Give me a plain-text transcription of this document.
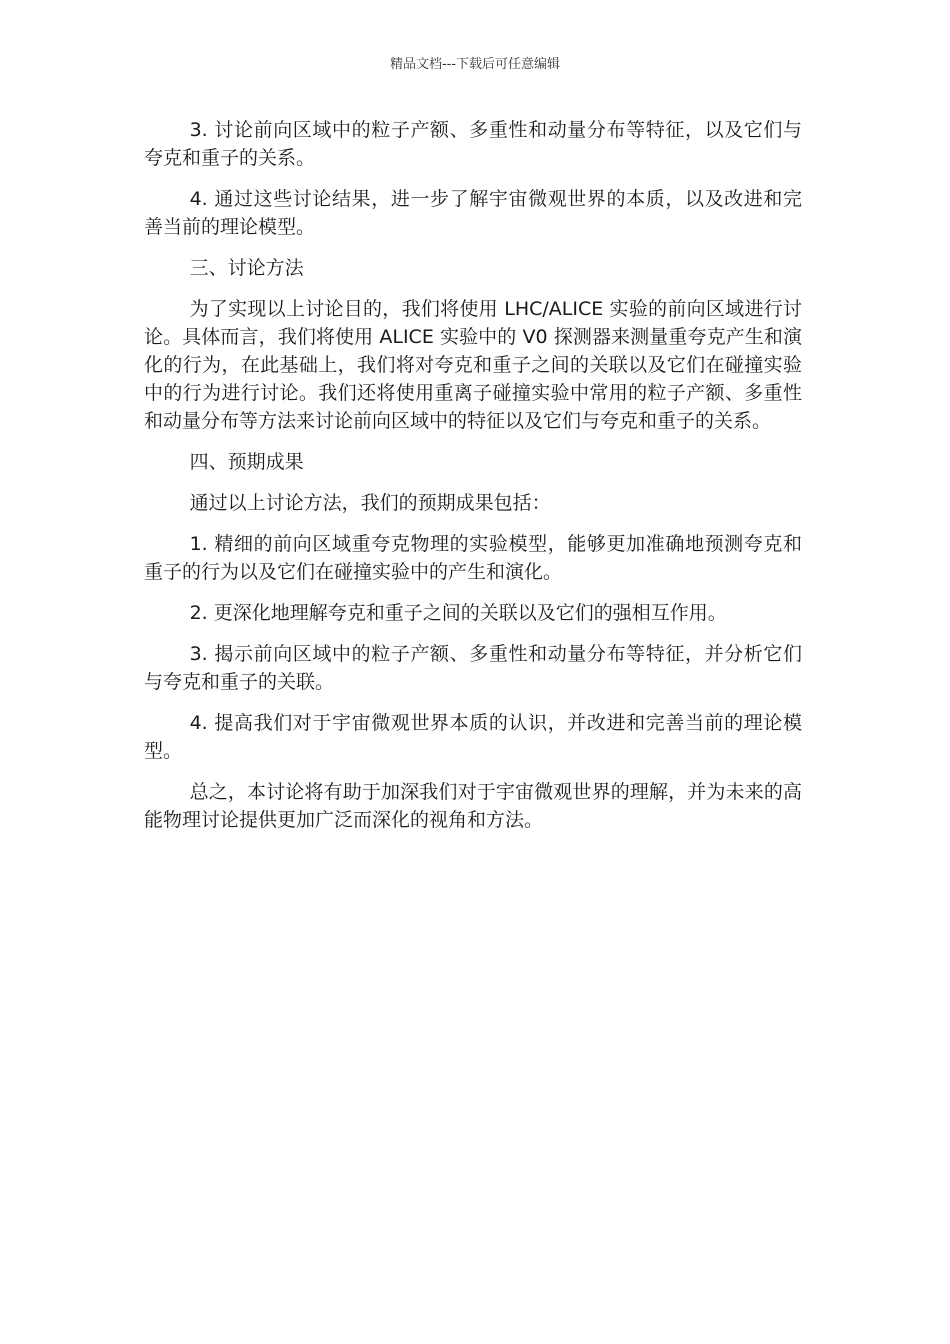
精品文档---下载后可任意编辑

3. 讨论前向区域中的粒子产额、多重性和动量分布等特征，以及它们与夸克和重子的关系。

4. 通过这些讨论结果，进一步了解宇宙微观世界的本质，以及改进和完善当前的理论模型。

三、讨论方法

为了实现以上讨论目的，我们将使用 LHC/ALICE 实验的前向区域进行讨论。具体而言，我们将使用 ALICE 实验中的 V0 探测器来测量重夸克产生和演化的行为，在此基础上，我们将对夸克和重子之间的关联以及它们在碰撞实验中的行为进行讨论。我们还将使用重离子碰撞实验中常用的粒子产额、多重性和动量分布等方法来讨论前向区域中的特征以及它们与夸克和重子的关系。

四、预期成果

通过以上讨论方法，我们的预期成果包括：

1. 精细的前向区域重夸克物理的实验模型，能够更加准确地预测夸克和重子的行为以及它们在碰撞实验中的产生和演化。

2. 更深化地理解夸克和重子之间的关联以及它们的强相互作用。

3. 揭示前向区域中的粒子产额、多重性和动量分布等特征，并分析它们与夸克和重子的关联。

4. 提高我们对于宇宙微观世界本质的认识，并改进和完善当前的理论模型。

总之，本讨论将有助于加深我们对于宇宙微观世界的理解，并为未来的高能物理讨论提供更加广泛而深化的视角和方法。
